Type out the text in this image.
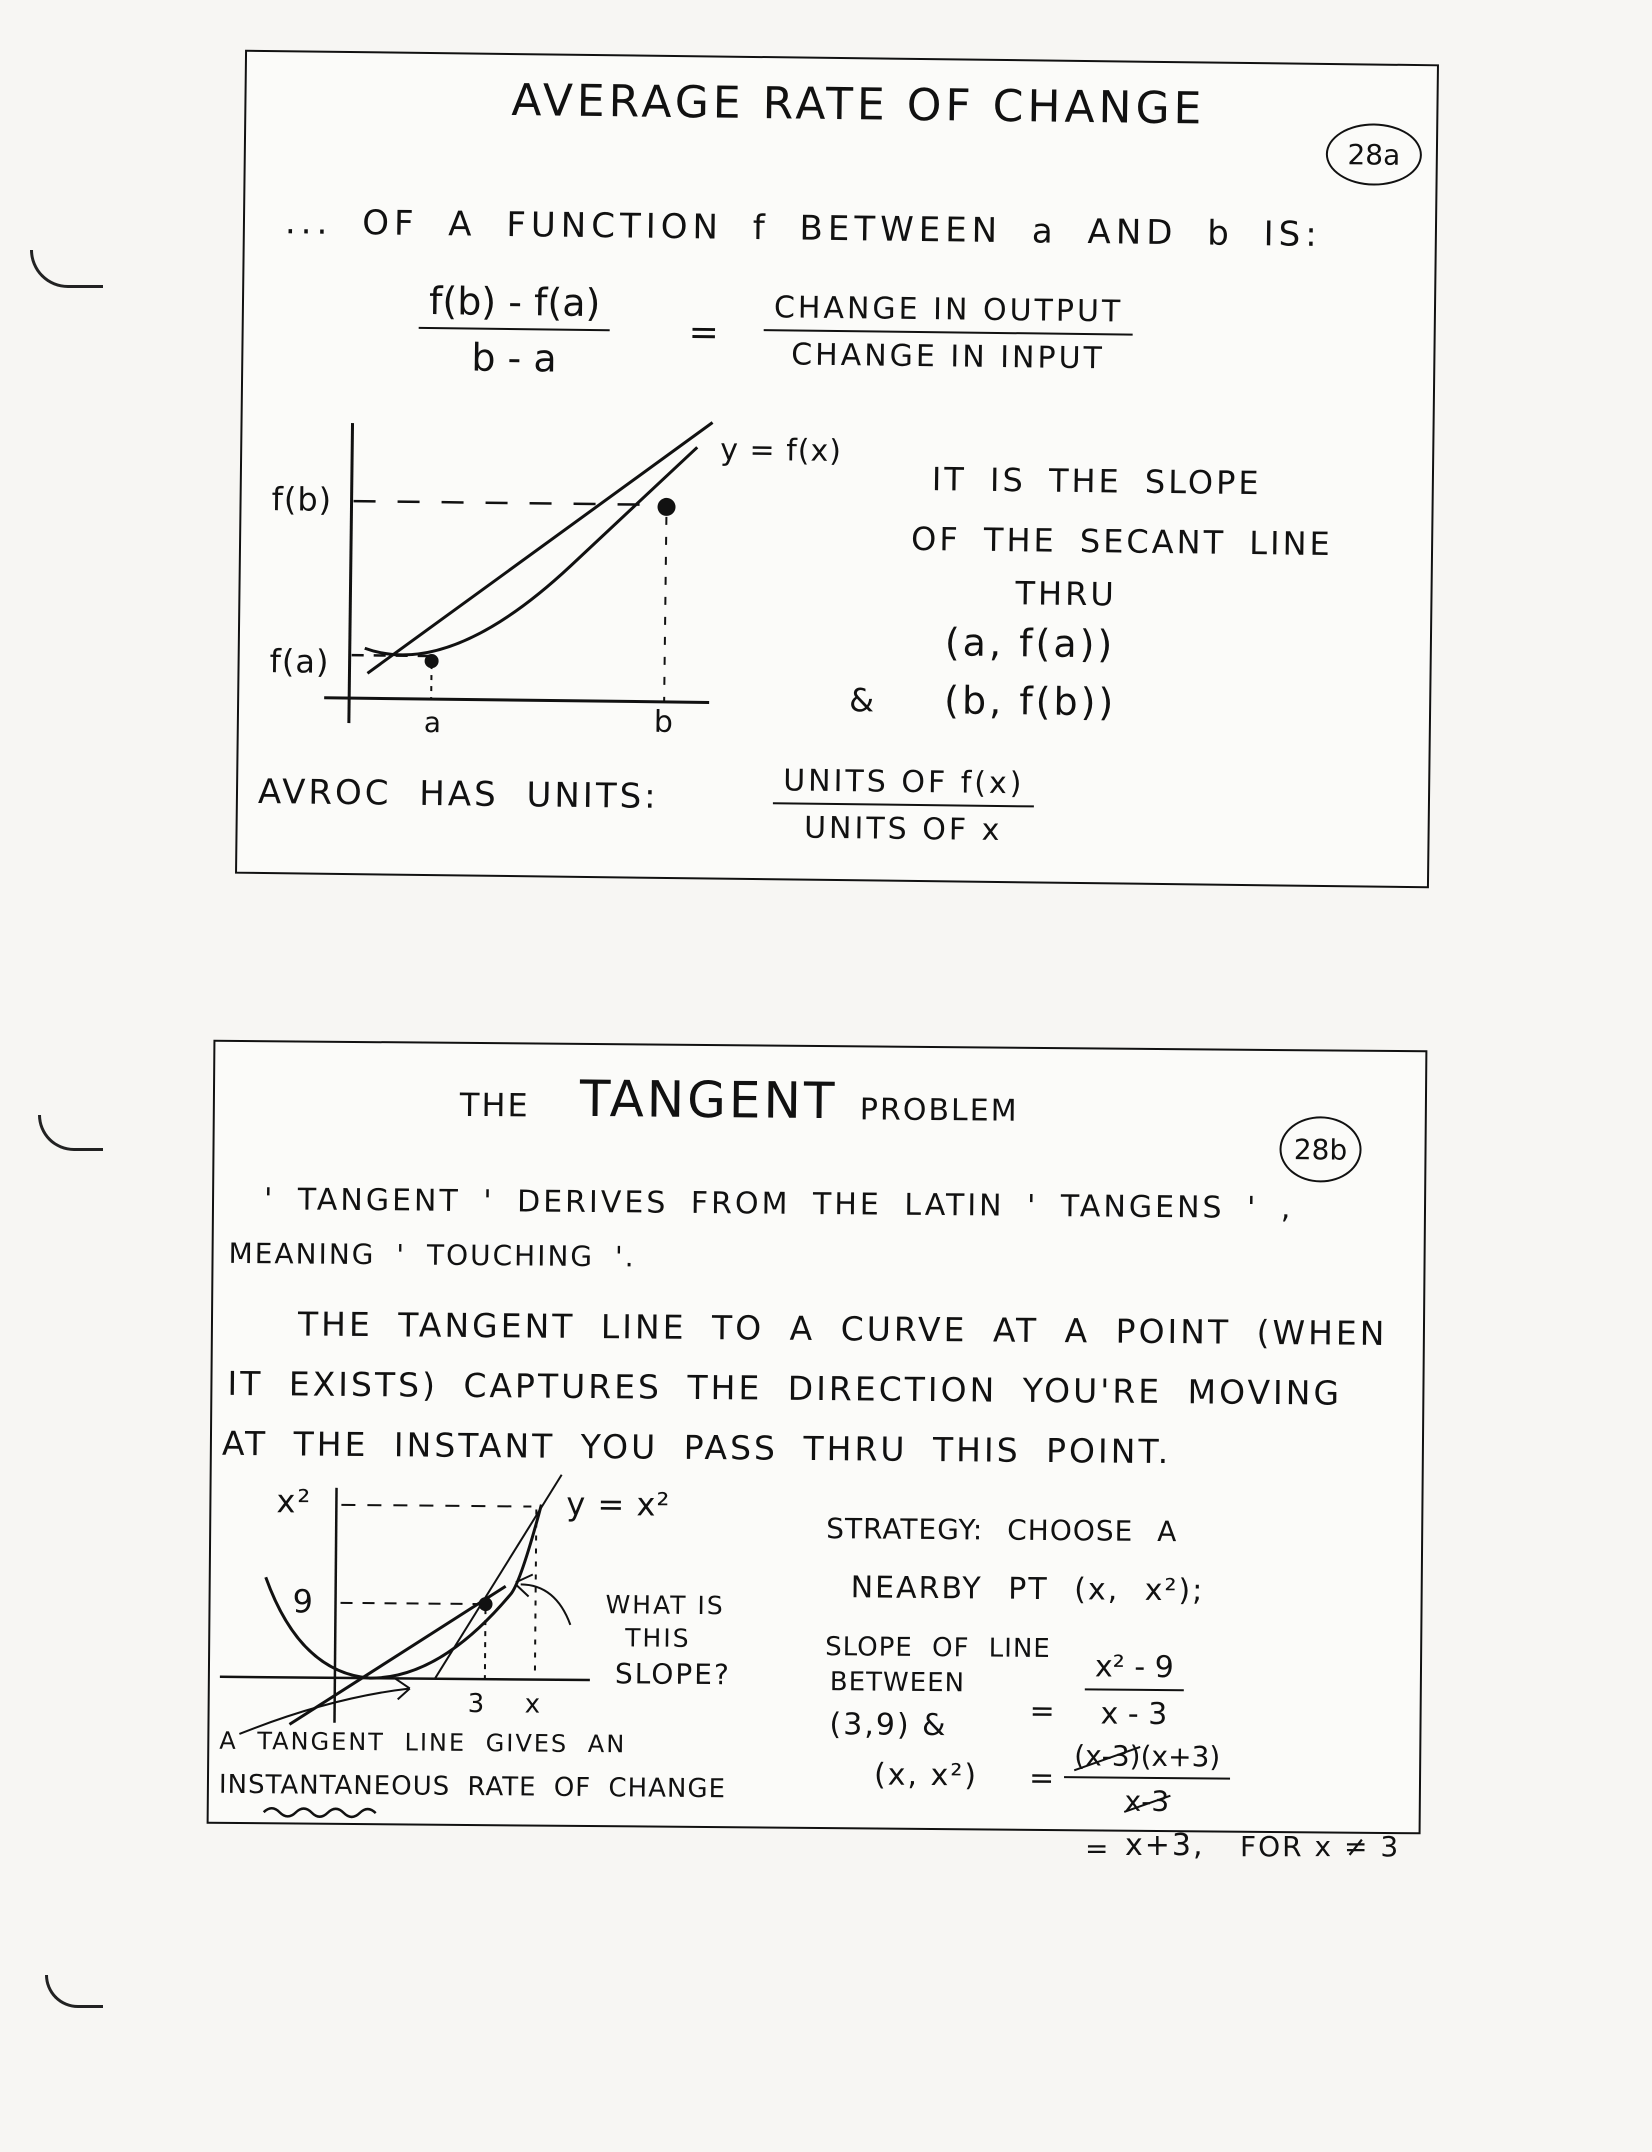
AVERAGE RATE OF CHANGE
28a
... OF A FUNCTION f BETWEEN a AND b IS:
$\frac{f(b) - f(a)}{b - a}$ =
CHANGE IN OUTPUT
CHANGE IN INPUT
y = f(x)
f(b)
f(a)
a	b
IT IS THE SLOPE
OF THE SECANT LINE
THRU
(a, f(a))
& (b, f(b))
AVROC HAS UNITS:	UNITS OF f(x)
UNITS OF x
THE TANGENT PROBLEM
28b
' TANGENT ' DERIVES FROM THE LATIN ' TANGENS ' ,
MEANING ' TOUCHING '.
THE TANGENT LINE TO A CURVE AT A POINT (WHEN
IT EXISTS) CAPTURES THE DIRECTION YOU'RE MOVING
AT THE INSTANT YOU PASS THRU THIS POINT.
x²	y = x²
9
3 x
WHAT IS
THIS
SLOPE?
A TANGENT LINE GIVES AN
INSTANTANEOUS RATE OF CHANGE
STRATEGY: CHOOSE A
NEARBY PT (x, x²);
SLOPE OF LINE
BETWEEN
(3,9) &
(x, x²)
= $\frac{\text{x² - 9}}{x - 3}$
= $\frac{(x-3)(x+3)}{x-3}$
= x+3, FOR x ≠ 3
